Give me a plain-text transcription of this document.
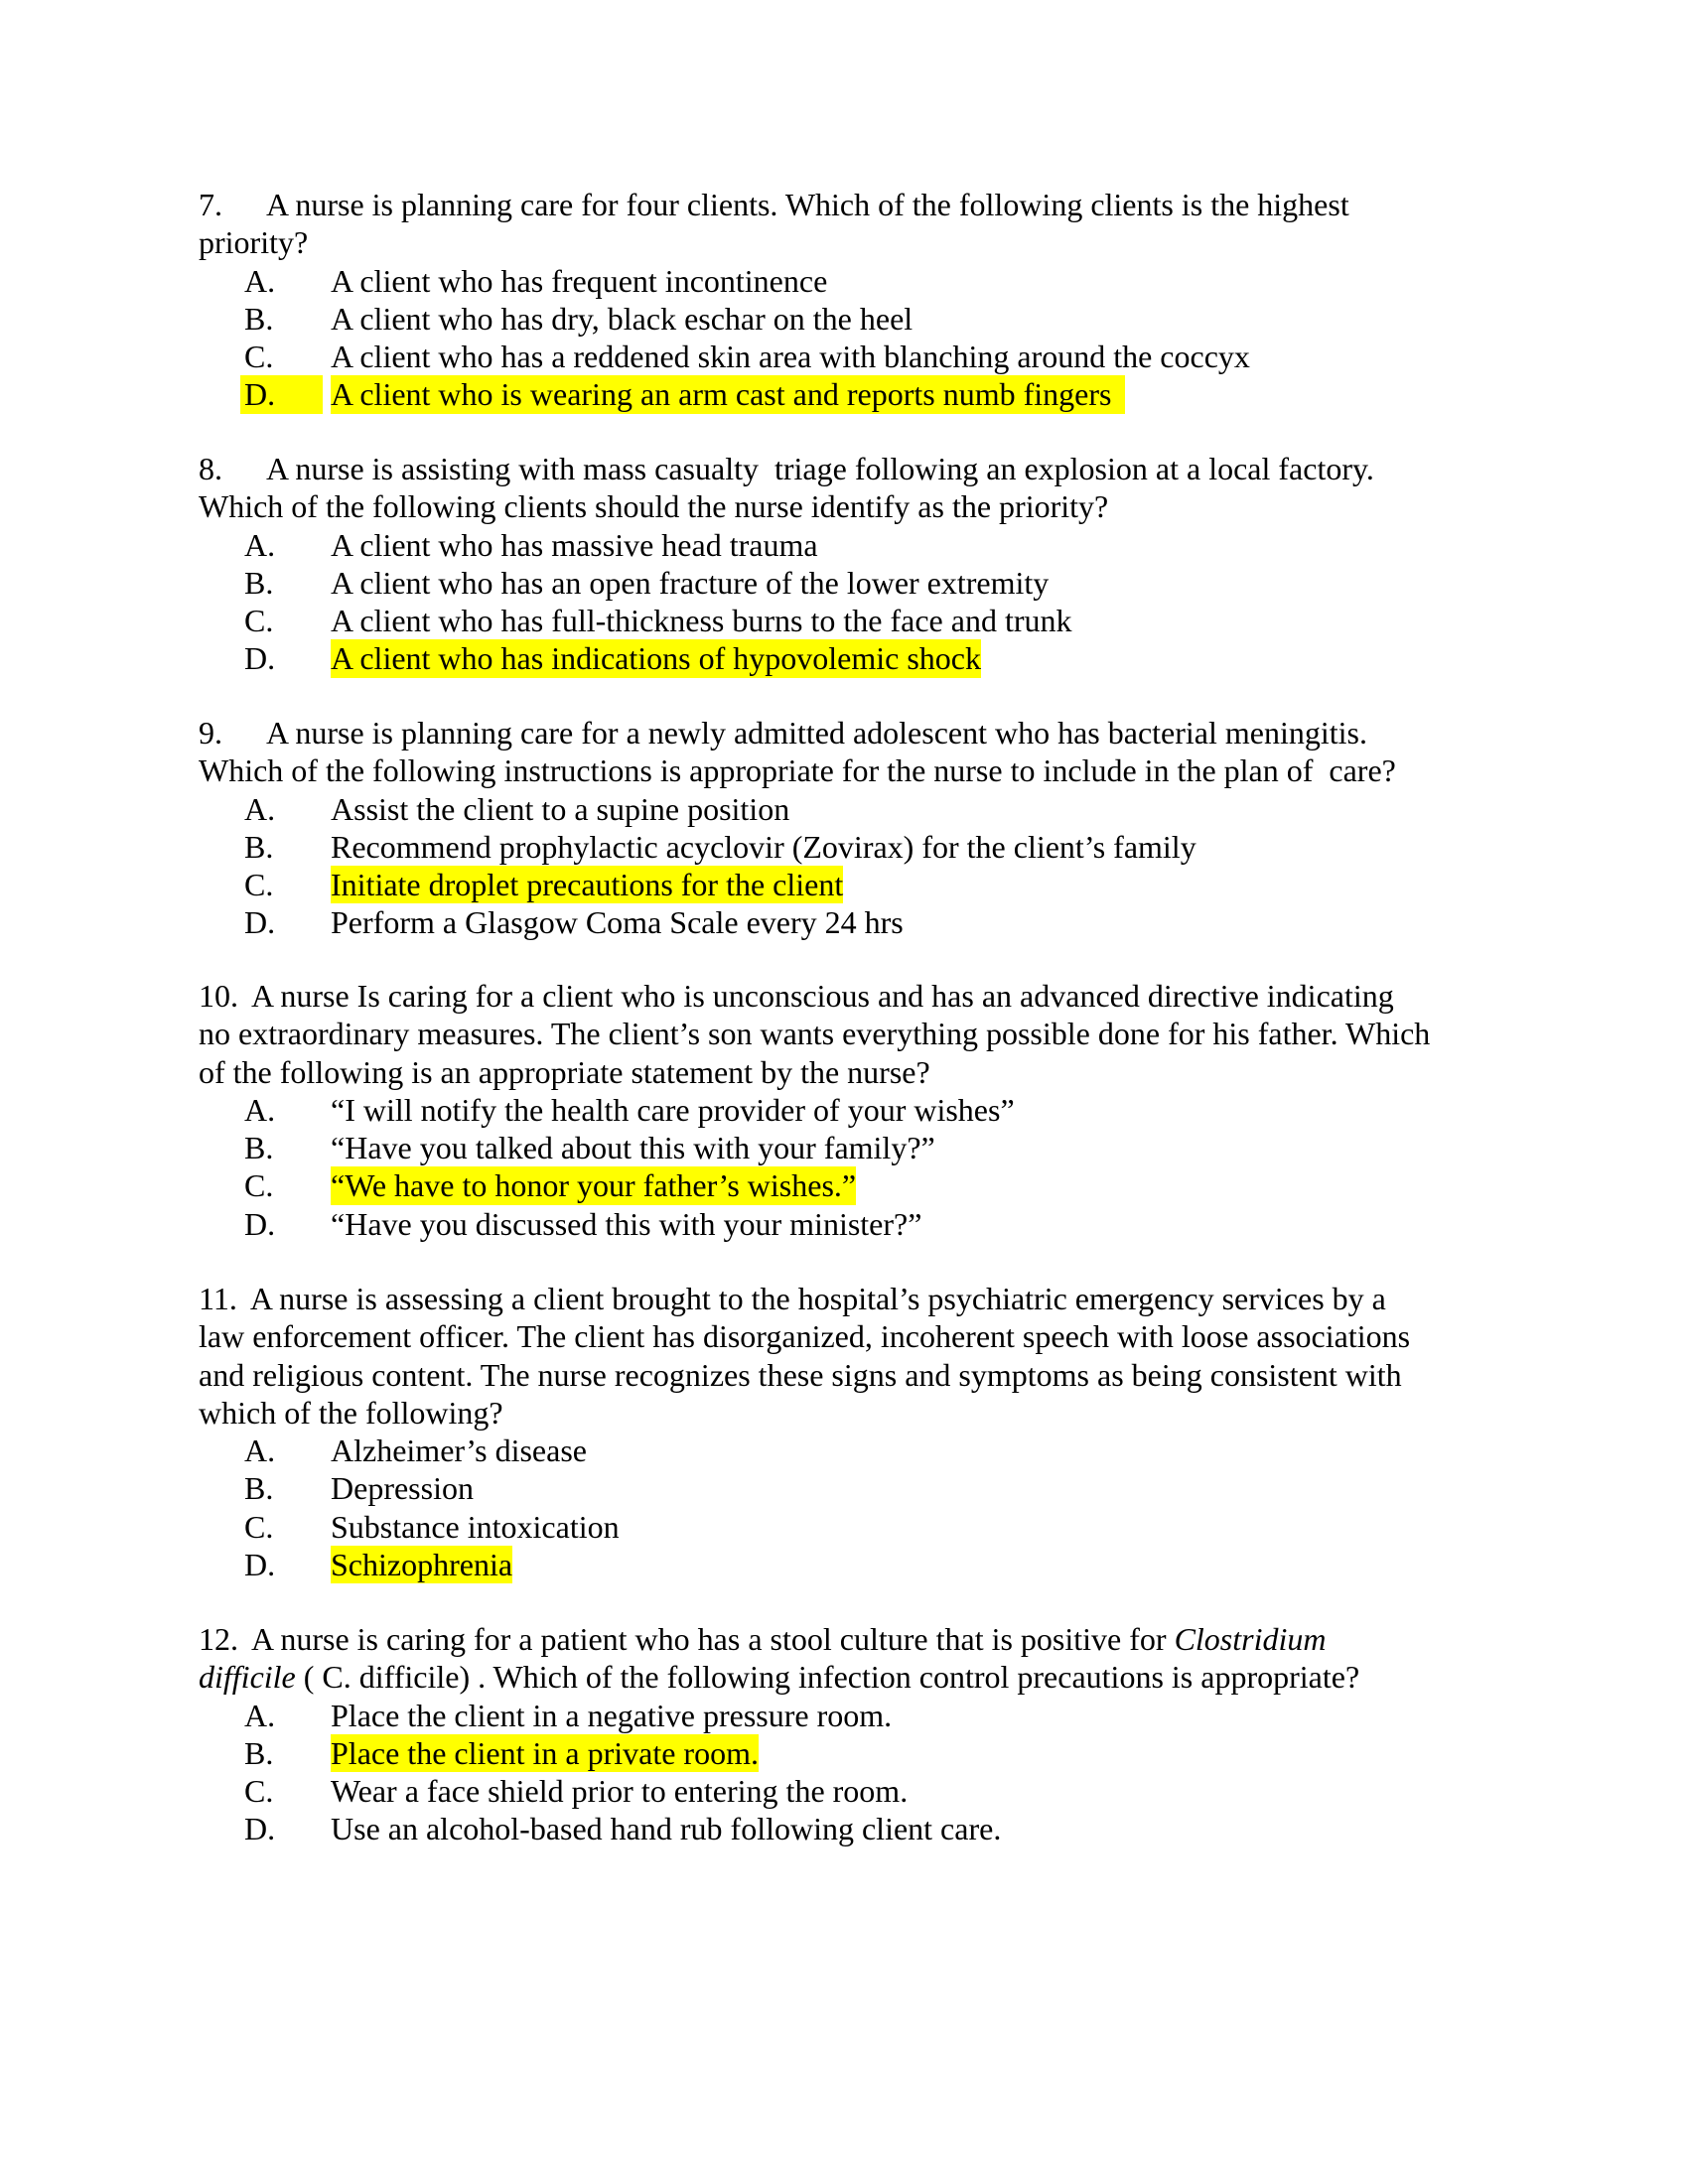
7. A nurse is planning care for four clients. Which of the following clients is the highest
priority?

A. A client who has frequent incontinence
B. A client who has dry, black eschar on the heel
C. A client who has a reddened skin area with blanching around the coccyx
D.	A client who is wearing an arm cast and reports numb fingers

8. A nurse is assisting with mass casualty  triage following an explosion at a local factory.
Which of the following clients should the nurse identify as the priority?

A. A client who has massive head trauma
B. A client who has an open fracture of the lower extremity
C. A client who has full-thickness burns to the face and trunk
D. A client who has indications of hypovolemic shock

9. A nurse is planning care for a newly admitted adolescent who has bacterial meningitis.
Which of the following instructions is appropriate for the nurse to include in the plan of  care?

A. Assist the client to a supine position
B. Recommend prophylactic acyclovir (Zovirax) for the client’s family
C. Initiate droplet precautions for the client
D. Perform a Glasgow Coma Scale every 24 hrs

10. A nurse Is caring for a client who is unconscious and has an advanced directive indicating
no extraordinary measures. The client’s son wants everything possible done for his father. Which
of the following is an appropriate statement by the nurse?

A. “I will notify the health care provider of your wishes”
B. “Have you talked about this with your family?”
C. “We have to honor your father’s wishes.”
D. “Have you discussed this with your minister?”

11. A nurse is assessing a client brought to the hospital’s psychiatric emergency services by a
law enforcement officer. The client has disorganized, incoherent speech with loose associations
and religious content. The nurse recognizes these signs and symptoms as being consistent with
which of the following?

A. Alzheimer’s disease
B. Depression
C. Substance intoxication
D. Schizophrenia

12. A nurse is caring for a patient who has a stool culture that is positive for Clostridium
difficile ( C. difficile) . Which of the following infection control precautions is appropriate?

A. Place the client in a negative pressure room.
B. Place the client in a private room.
C. Wear a face shield prior to entering the room.
D. Use an alcohol-based hand rub following client care.
